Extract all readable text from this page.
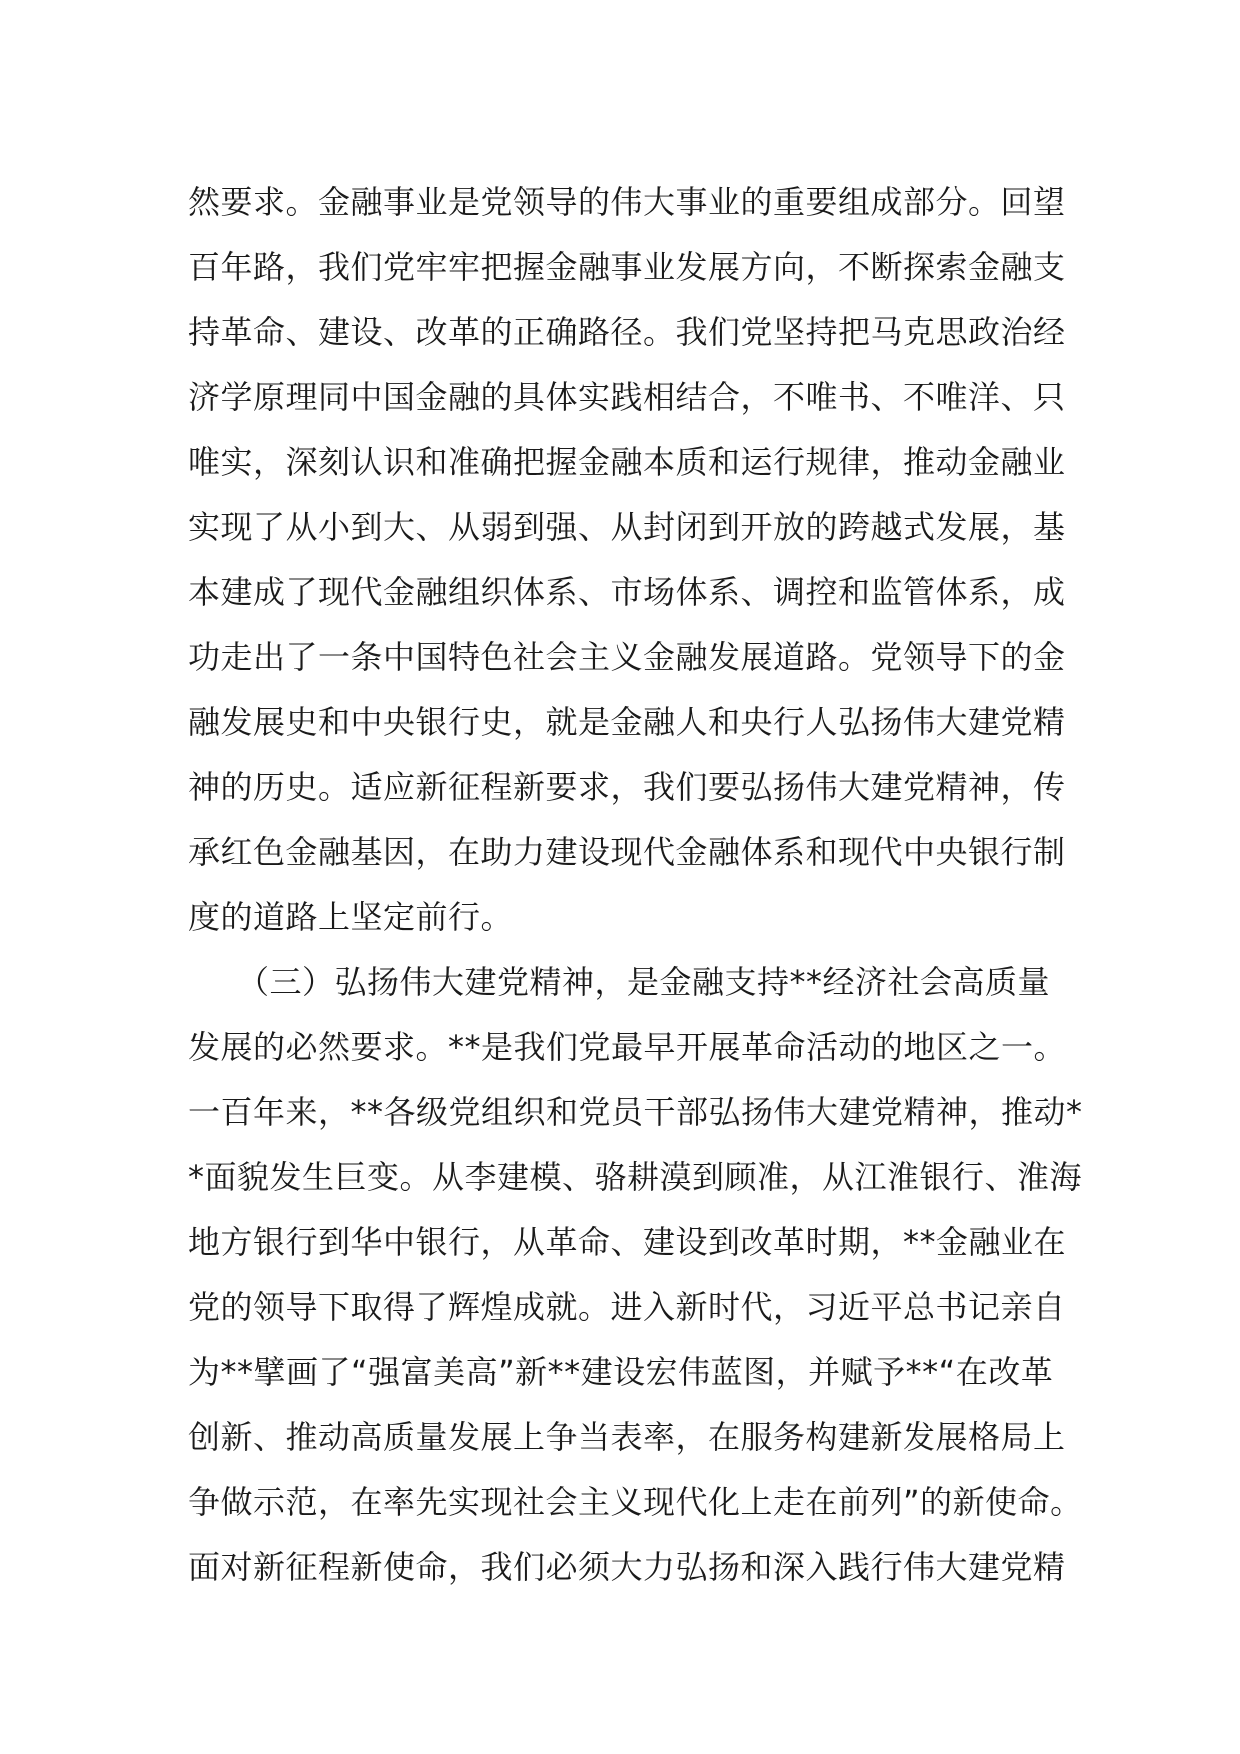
然要求。金融事业是党领导的伟大事业的重要组成部分。回望
百年路，我们党牢牢把握金融事业发展方向，不断探索金融支
持革命、建设、改革的正确路径。我们党坚持把马克思政治经
济学原理同中国金融的具体实践相结合，不唯书、不唯洋、只
唯实，深刻认识和准确把握金融本质和运行规律，推动金融业
实现了从小到大、从弱到强、从封闭到开放的跨越式发展，基
本建成了现代金融组织体系、市场体系、调控和监管体系，成
功走出了一条中国特色社会主义金融发展道路。党领导下的金
融发展史和中央银行史，就是金融人和央行人弘扬伟大建党精
神的历史。适应新征程新要求，我们要弘扬伟大建党精神，传
承红色金融基因，在助力建设现代金融体系和现代中央银行制
度的道路上坚定前行。
　　（三）弘扬伟大建党精神，是金融支持**经济社会高质量
发展的必然要求。**是我们党最早开展革命活动的地区之一。
一百年来，**各级党组织和党员干部弘扬伟大建党精神，推动*
*面貌发生巨变。从李建模、骆耕漠到顾准，从江淮银行、淮海
地方银行到华中银行，从革命、建设到改革时期，**金融业在
党的领导下取得了辉煌成就。进入新时代，习近平总书记亲自
为**擘画了“强富美高”新**建设宏伟蓝图，并赋予**“在改革
创新、推动高质量发展上争当表率，在服务构建新发展格局上
争做示范，在率先实现社会主义现代化上走在前列”的新使命。
面对新征程新使命，我们必须大力弘扬和深入践行伟大建党精
